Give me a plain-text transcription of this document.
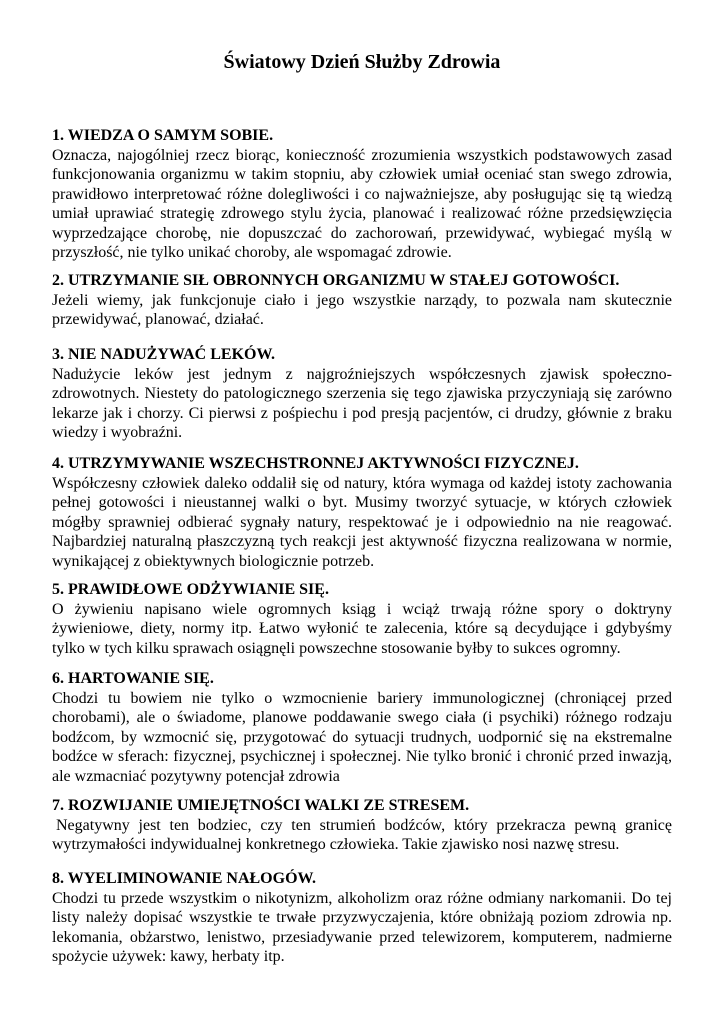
Światowy Dzień Służby Zdrowia

1. WIEDZA O SAMYM SOBIE.

Oznacza, najogólniej rzecz biorąc, konieczność zrozumienia wszystkich podstawowych zasad funkcjonowania organizmu w takim stopniu, aby człowiek umiał oceniać stan swego zdrowia, prawidłowo interpretować różne dolegliwości i co najważniejsze, aby posługując się tą wiedzą umiał uprawiać strategię zdrowego stylu życia, planować i realizować różne przedsięwzięcia wyprzedzające chorobę, nie dopuszczać do zachorowań, przewidywać, wybiegać myślą w przyszłość, nie tylko unikać choroby, ale wspomagać zdrowie.

2. UTRZYMANIE SIŁ OBRONNYCH ORGANIZMU W STAŁEJ GOTOWOŚCI.

Jeżeli wiemy, jak funkcjonuje ciało i jego wszystkie narządy, to pozwala nam skutecznie przewidywać, planować, działać.

3. NIE NADUŻYWAĆ LEKÓW.

Nadużycie leków jest jednym z najgroźniejszych współczesnych zjawisk społeczno-zdrowotnych. Niestety do patologicznego szerzenia się tego zjawiska przyczyniają się zarówno lekarze jak i chorzy. Ci pierwsi z pośpiechu i pod presją pacjentów, ci drudzy, głównie z braku wiedzy i wyobraźni.

4. UTRZYMYWANIE WSZECHSTRONNEJ AKTYWNOŚCI FIZYCZNEJ.

Współczesny człowiek daleko oddalił się od natury, która wymaga od każdej istoty zachowania pełnej gotowości i nieustannej walki o byt. Musimy tworzyć sytuacje, w których człowiek mógłby sprawniej odbierać sygnały natury, respektować je i odpowiednio na nie reagować. Najbardziej naturalną płaszczyzną tych reakcji jest aktywność fizyczna realizowana w normie, wynikającej z obiektywnych biologicznie potrzeb.

5. PRAWIDŁOWE ODŻYWIANIE SIĘ.

O żywieniu napisano wiele ogromnych ksiąg i wciąż trwają różne spory o doktryny żywieniowe, diety, normy itp. Łatwo wyłonić te zalecenia, które są decydujące i gdybyśmy tylko w tych kilku sprawach osiągnęli powszechne stosowanie byłby to sukces ogromny.

6. HARTOWANIE SIĘ.

Chodzi tu bowiem nie tylko o wzmocnienie bariery immunologicznej (chroniącej przed chorobami), ale o świadome, planowe poddawanie swego ciała (i psychiki) różnego rodzaju bodźcom, by wzmocnić się, przygotować do sytuacji trudnych, uodpornić się na ekstremalne bodźce w sferach: fizycznej, psychicznej i społecznej. Nie tylko bronić i chronić przed inwazją, ale wzmacniać pozytywny potencjał zdrowia

7. ROZWIJANIE UMIEJĘTNOŚCI WALKI ZE STRESEM.

Negatywny jest ten bodziec, czy ten strumień bodźców, który przekracza pewną granicę wytrzymałości indywidualnej konkretnego człowieka. Takie zjawisko nosi nazwę stresu.

8. WYELIMINOWANIE NAŁOGÓW.

Chodzi tu przede wszystkim o nikotynizm, alkoholizm oraz różne odmiany narkomanii. Do tej listy należy dopisać wszystkie te trwałe przyzwyczajenia, które obniżają poziom zdrowia np. lekomania, obżarstwo, lenistwo, przesiadywanie przed telewizorem, komputerem, nadmierne spożycie używek: kawy, herbaty itp.
